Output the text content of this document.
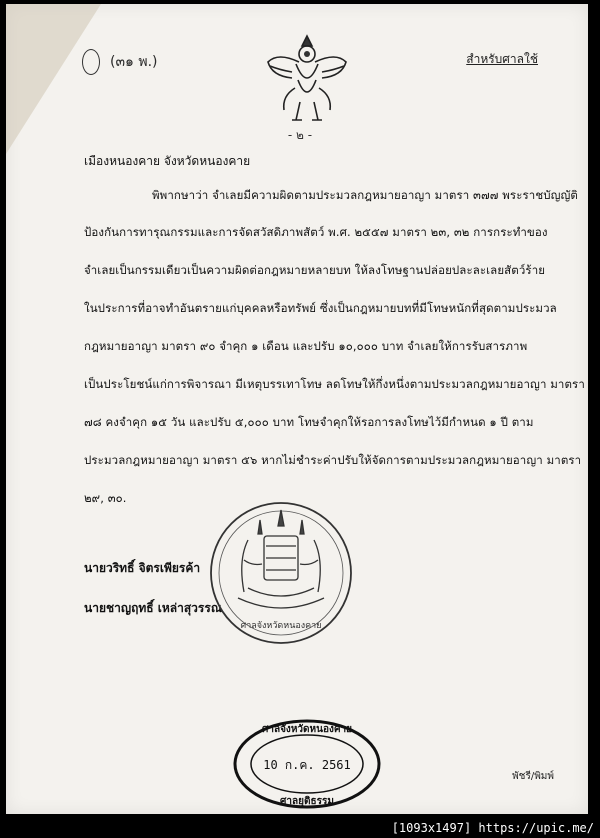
(๓๑ พ.)
- ๒ -
สำหรับศาลใช้
เมืองหนองคาย จังหวัดหนองคาย
พิพากษาว่า จำเลยมีความผิดตามประมวลกฎหมายอาญา มาตรา ๓๗๗ พระราชบัญญัติ
ป้องกันการทารุณกรรมและการจัดสวัสดิภาพสัตว์ พ.ศ. ๒๕๕๗ มาตรา ๒๓, ๓๒ การกระทำของ
จำเลยเป็นกรรมเดียวเป็นความผิดต่อกฎหมายหลายบท ให้ลงโทษฐานปล่อยปละละเลยสัตว์ร้าย
ในประการที่อาจทำอันตรายแก่บุคคลหรือทรัพย์ ซึ่งเป็นกฎหมายบทที่มีโทษหนักที่สุดตามประมวล
กฎหมายอาญา มาตรา ๙๐ จำคุก ๑ เดือน และปรับ ๑๐,๐๐๐ บาท จำเลยให้การรับสารภาพ
เป็นประโยชน์แก่การพิจารณา มีเหตุบรรเทาโทษ ลดโทษให้กึ่งหนึ่งตามประมวลกฎหมายอาญา มาตรา
๗๘ คงจำคุก ๑๕ วัน และปรับ ๕,๐๐๐ บาท โทษจำคุกให้รอการลงโทษไว้มีกำหนด ๑ ปี ตาม
ประมวลกฎหมายอาญา มาตรา ๕๖ หากไม่ชำระค่าปรับให้จัดการตามประมวลกฎหมายอาญา มาตรา
๒๙, ๓๐.
นายวริทธิ์ จิตรเพียรค้า
นายชาญฤทธิ์ เหล่าสุวรรณ
ศาลจังหวัดหนองคาย
ศาลจังหวัดหนองคาย
10 ก.ค. 2561
ศาลยุติธรรม
พัชรี/พิมพ์
[1093x1497] https://upic.me/
